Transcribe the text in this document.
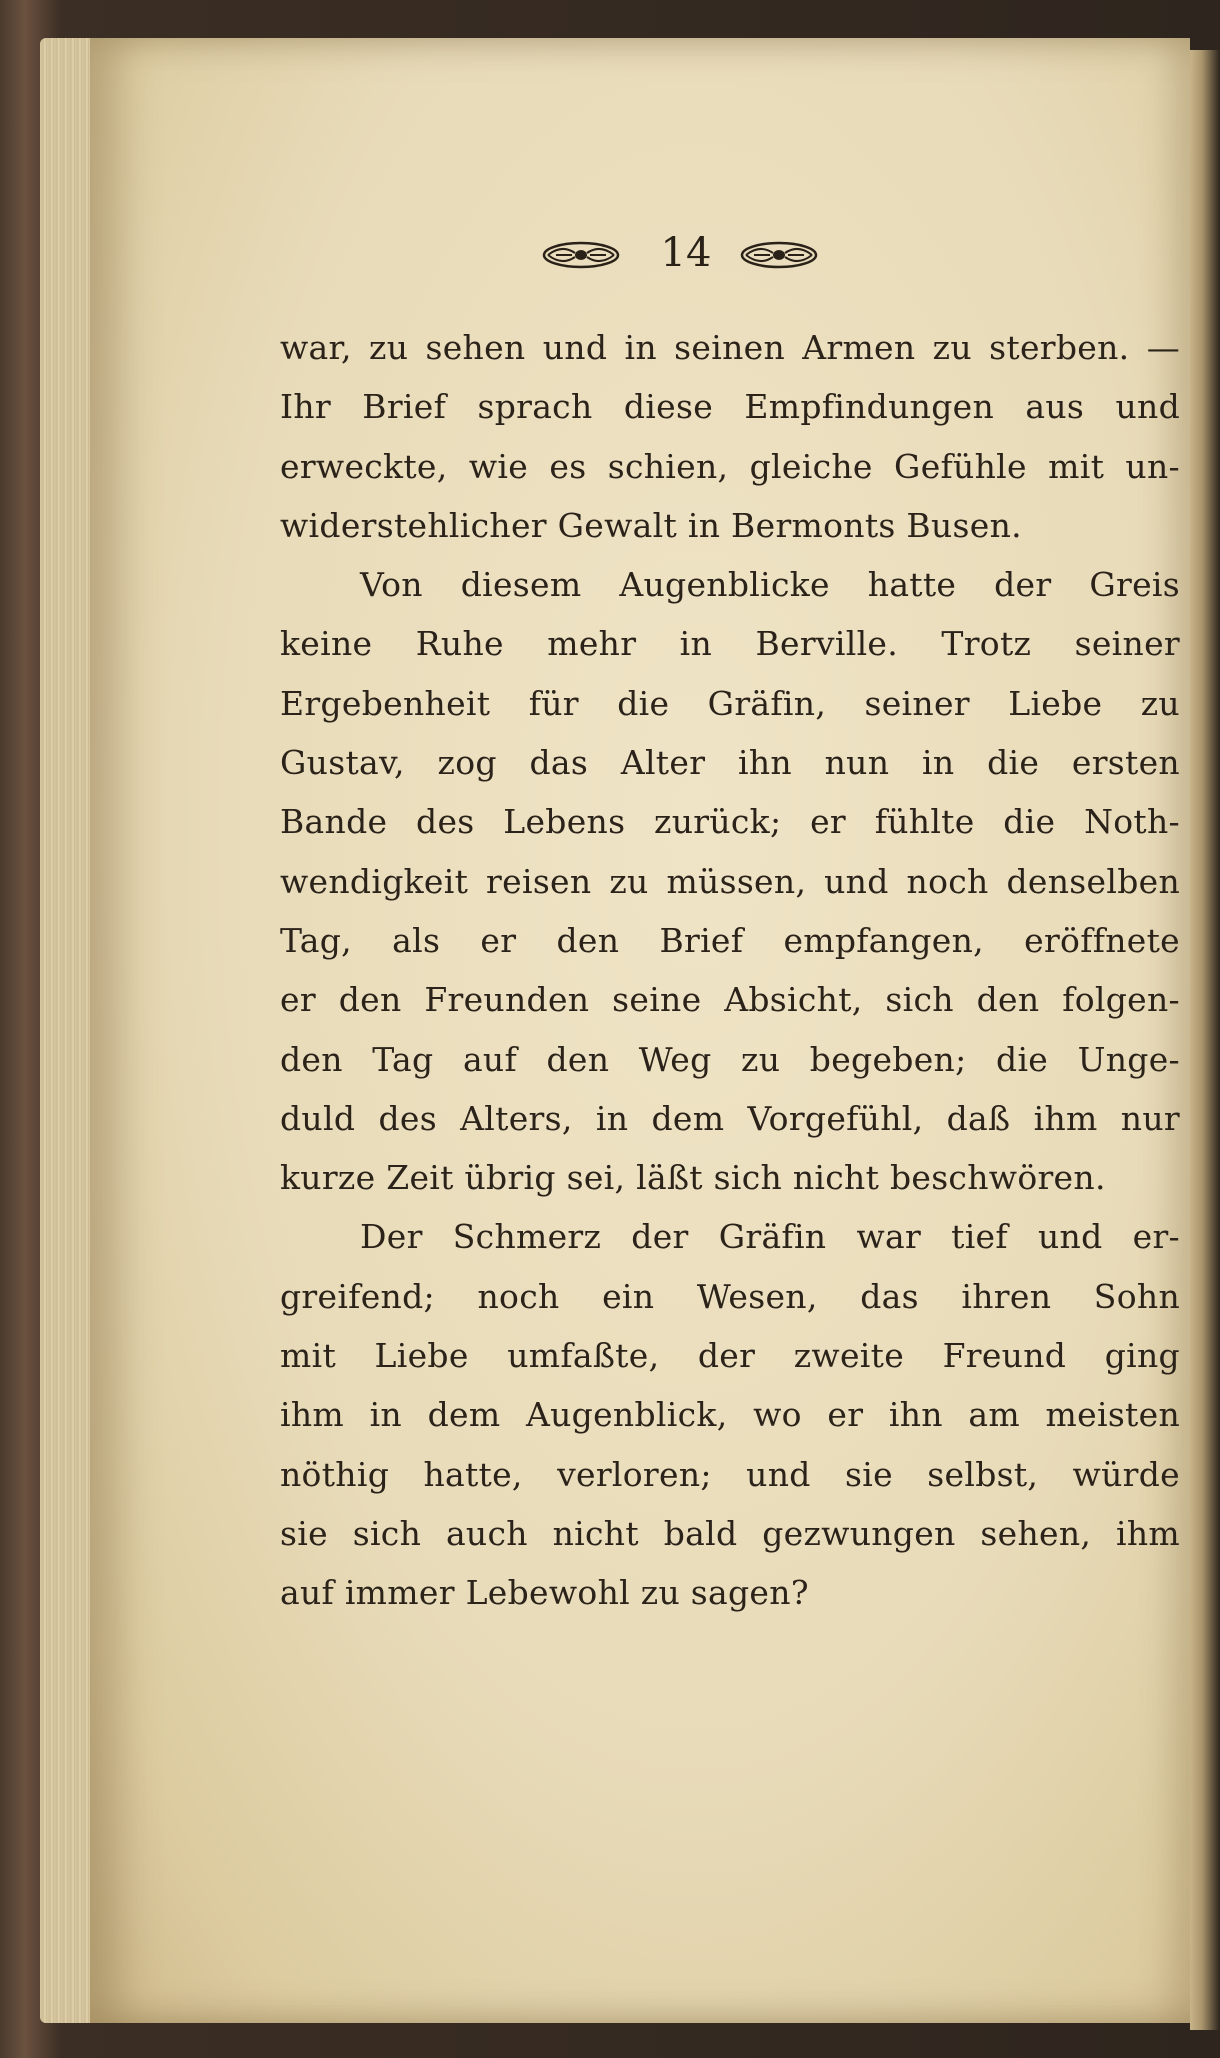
14
war, zu sehen und in seinen Armen zu sterben. —
Ihr Brief sprach diese Empfindungen aus und
erweckte, wie es schien, gleiche Gefühle mit un-
widerstehlicher Gewalt in Bermonts Busen.
Von diesem Augenblicke hatte der Greis
keine Ruhe mehr in Berville. Trotz seiner
Ergebenheit für die Gräfin, seiner Liebe zu
Gustav, zog das Alter ihn nun in die ersten
Bande des Lebens zurück; er fühlte die Noth-
wendigkeit reisen zu müssen, und noch denselben
Tag, als er den Brief empfangen, eröffnete
er den Freunden seine Absicht, sich den folgen-
den Tag auf den Weg zu begeben; die Unge-
duld des Alters, in dem Vorgefühl, daß ihm nur
kurze Zeit übrig sei, läßt sich nicht beschwören.
Der Schmerz der Gräfin war tief und er-
greifend; noch ein Wesen, das ihren Sohn
mit Liebe umfaßte, der zweite Freund ging
ihm in dem Augenblick, wo er ihn am meisten
nöthig hatte, verloren; und sie selbst, würde
sie sich auch nicht bald gezwungen sehen, ihm
auf immer Lebewohl zu sagen?
